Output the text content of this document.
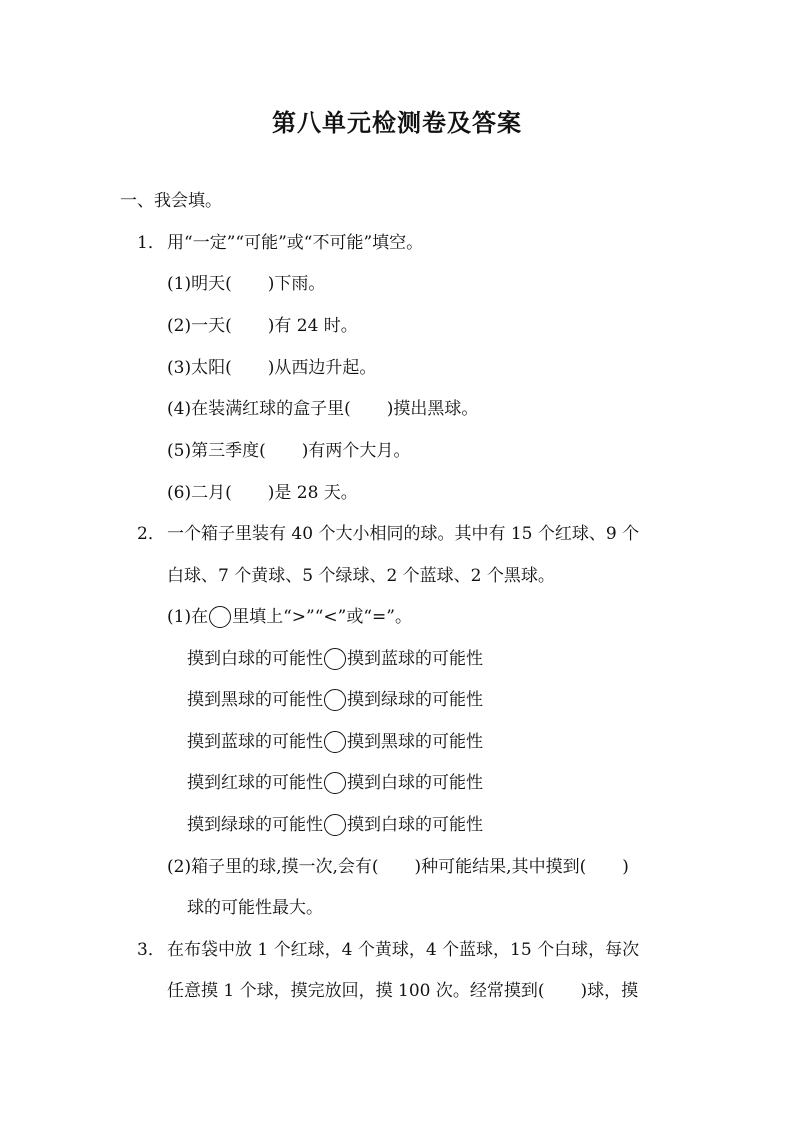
第八单元检测卷及答案
一、我会填。
1． 用“一定”“可能”或“不可能”填空。
(1)明天( )下雨。
(2)一天( )有 24 时。
(3)太阳( )从西边升起。
(4)在装满红球的盒子里( )摸出黑球。
(5)第三季度( )有两个大月。
(6)二月( )是 28 天。
2． 一个箱子里装有 40 个大小相同的球。其中有 15 个红球、9 个
白球、7 个黄球、5 个绿球、2 个蓝球、2 个黑球。
(1)在 里填上“>”“<”或“=”。
摸到白球的可能性 摸到蓝球的可能性
摸到黑球的可能性 摸到绿球的可能性
摸到蓝球的可能性 摸到黑球的可能性
摸到红球的可能性 摸到白球的可能性
摸到绿球的可能性 摸到白球的可能性
(2)箱子里的球,摸一次,会有( )种可能结果,其中摸到( )
球的可能性最大。
3． 在布袋中放 1 个红球，4 个黄球，4 个蓝球，15 个白球，每次
任意摸 1 个球，摸完放回，摸 100 次。经常摸到( )球，摸
